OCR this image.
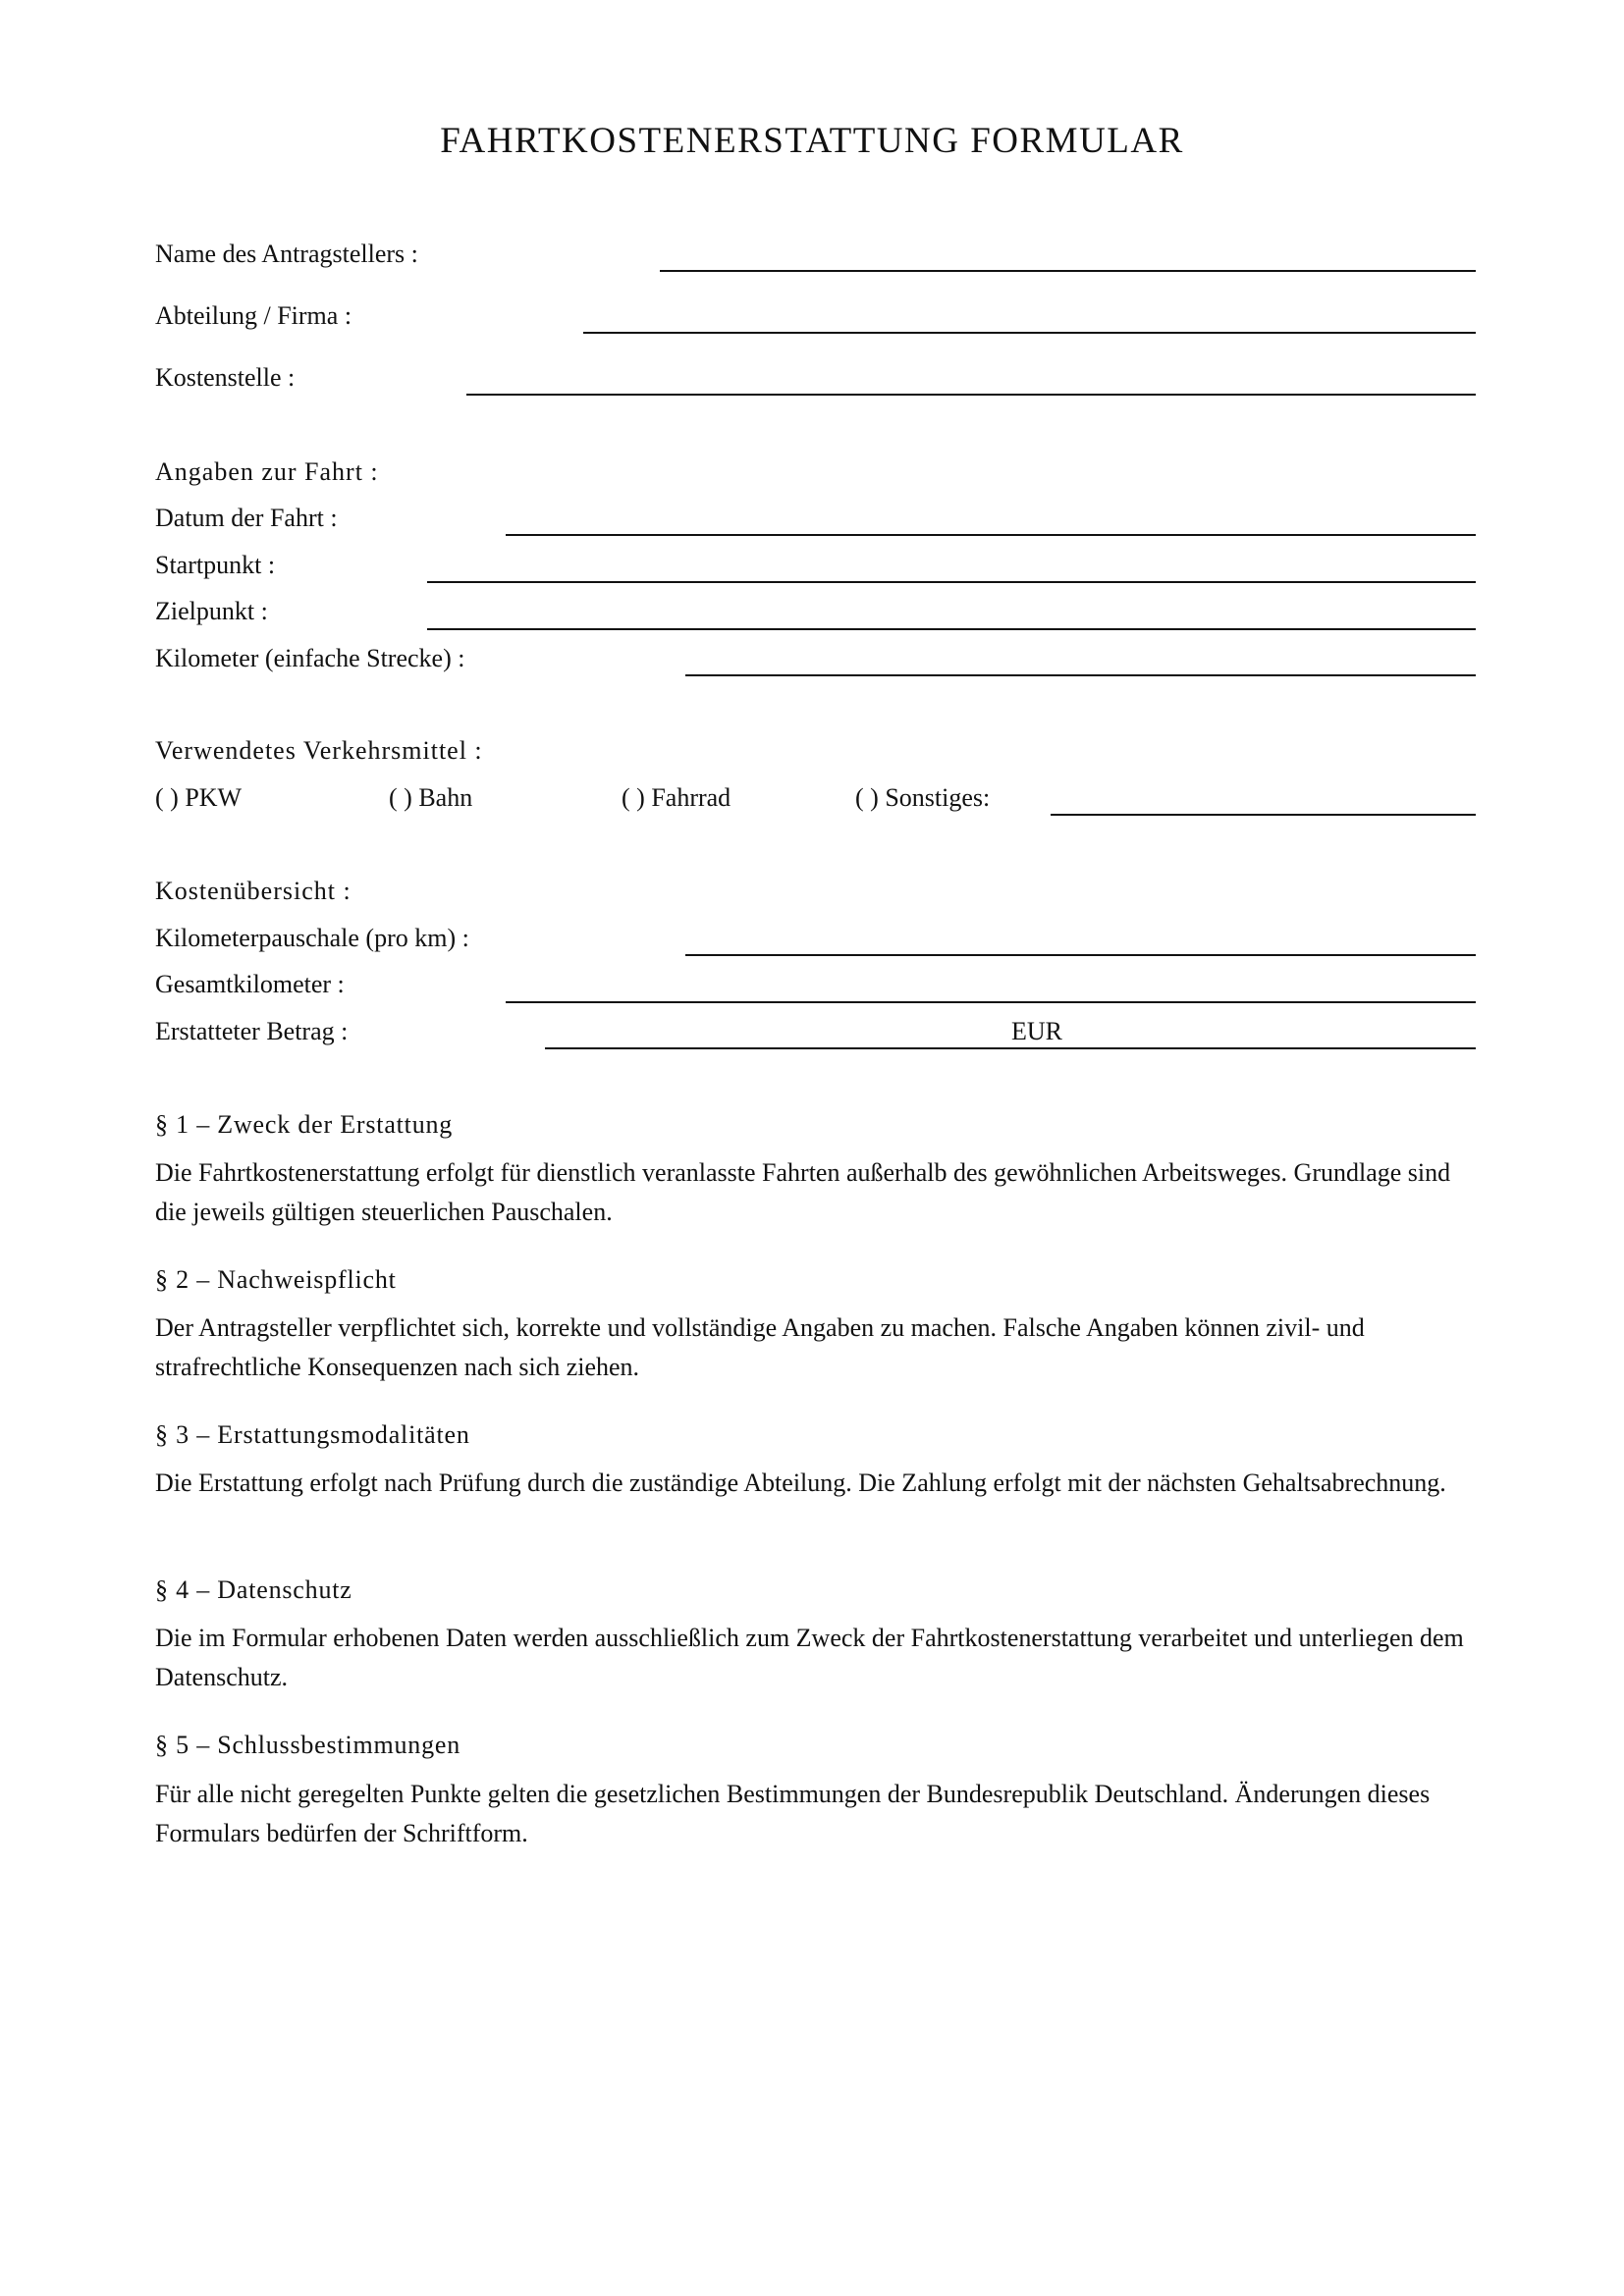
FAHRTKOSTENERSTATTUNG FORMULAR
Name des Antragstellers :
Abteilung / Firma :
Kostenstelle :
Angaben zur Fahrt :
Datum der Fahrt :
Startpunkt :
Zielpunkt :
Kilometer (einfache Strecke) :
Verwendetes Verkehrsmittel :
( ) PKW	( ) Bahn	( ) Fahrrad	( ) Sonstiges:
Kostenübersicht :
Kilometerpauschale (pro km) :
Gesamtkilometer :
Erstatteter Betrag :	EUR
§ 1 – Zweck der Erstattung
Die Fahrtkostenerstattung erfolgt für dienstlich veranlasste Fahrten außerhalb des gewöhnlichen Arbeitsweges. Grundlage sind die jeweils gültigen steuerlichen Pauschalen.
§ 2 – Nachweispflicht
Der Antragsteller verpflichtet sich, korrekte und vollständige Angaben zu machen. Falsche Angaben können zivil- und strafrechtliche Konsequenzen nach sich ziehen.
§ 3 – Erstattungsmodalitäten
Die Erstattung erfolgt nach Prüfung durch die zuständige Abteilung. Die Zahlung erfolgt mit der nächsten Gehaltsabrechnung.
§ 4 – Datenschutz
Die im Formular erhobenen Daten werden ausschließlich zum Zweck der Fahrtkostenerstattung verarbeitet und unterliegen dem Datenschutz.
§ 5 – Schlussbestimmungen
Für alle nicht geregelten Punkte gelten die gesetzlichen Bestimmungen der Bundesrepublik Deutschland. Änderungen dieses Formulars bedürfen der Schriftform.
